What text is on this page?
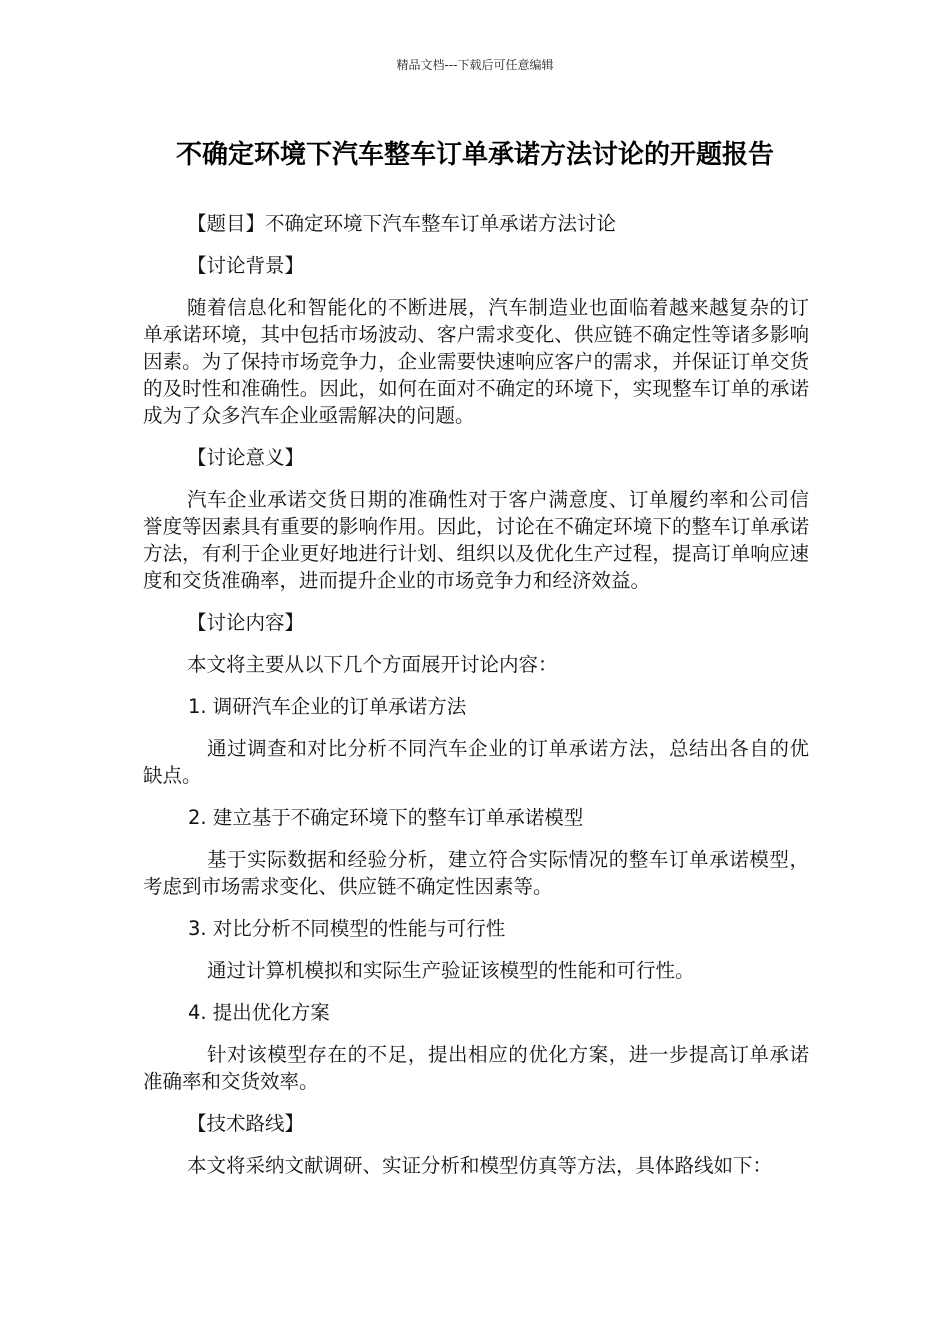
精品文档---下载后可任意编辑
不确定环境下汽车整车订单承诺方法讨论的开题报告

【题目】不确定环境下汽车整车订单承诺方法讨论

【讨论背景】

随着信息化和智能化的不断进展，汽车制造业也面临着越来越复杂的订单承诺环境，其中包括市场波动、客户需求变化、供应链不确定性等诸多影响因素。为了保持市场竞争力，企业需要快速响应客户的需求，并保证订单交货的及时性和准确性。因此，如何在面对不确定的环境下，实现整车订单的承诺成为了众多汽车企业亟需解决的问题。

【讨论意义】

汽车企业承诺交货日期的准确性对于客户满意度、订单履约率和公司信誉度等因素具有重要的影响作用。因此，讨论在不确定环境下的整车订单承诺方法，有利于企业更好地进行计划、组织以及优化生产过程，提高订单响应速度和交货准确率，进而提升企业的市场竞争力和经济效益。

【讨论内容】

本文将主要从以下几个方面展开讨论内容：

1. 调研汽车企业的订单承诺方法

通过调查和对比分析不同汽车企业的订单承诺方法，总结出各自的优缺点。

2. 建立基于不确定环境下的整车订单承诺模型

基于实际数据和经验分析，建立符合实际情况的整车订单承诺模型，考虑到市场需求变化、供应链不确定性因素等。

3. 对比分析不同模型的性能与可行性

通过计算机模拟和实际生产验证该模型的性能和可行性。

4. 提出优化方案

针对该模型存在的不足，提出相应的优化方案，进一步提高订单承诺准确率和交货效率。

【技术路线】

本文将采纳文献调研、实证分析和模型仿真等方法，具体路线如下：
